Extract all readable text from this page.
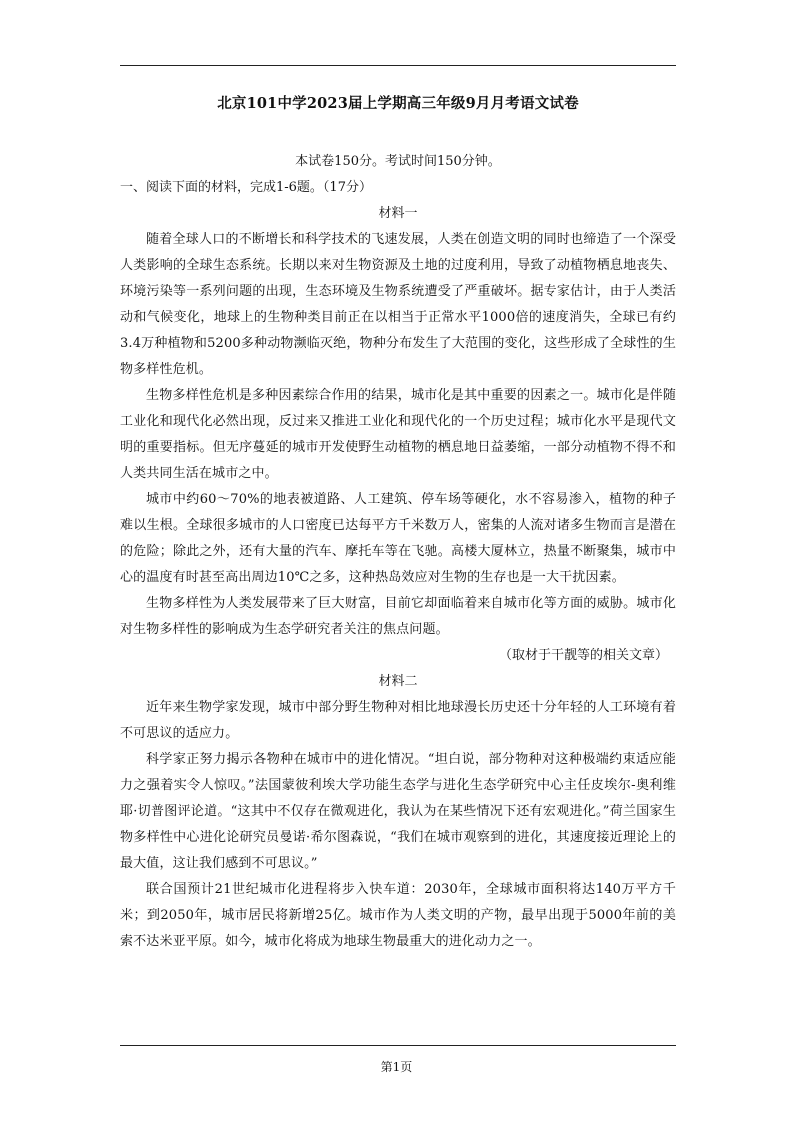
北京101中学2023届上学期高三年级9月月考语文试卷

本试卷150分。考试时间150分钟。

一、阅读下面的材料，完成1-6题。（17分）

材料一

随着全球人口的不断增长和科学技术的飞速发展，人类在创造文明的同时也缔造了一个深受人类影响的全球生态系统。长期以来对生物资源及土地的过度利用，导致了动植物栖息地丧失、环境污染等一系列问题的出现，生态环境及生物系统遭受了严重破坏。据专家估计，由于人类活动和气候变化，地球上的生物种类目前正在以相当于正常水平1000倍的速度消失，全球已有约3.4万种植物和5200多种动物濒临灭绝，物种分布发生了大范围的变化，这些形成了全球性的生物多样性危机。

生物多样性危机是多种因素综合作用的结果，城市化是其中重要的因素之一。城市化是伴随工业化和现代化必然出现，反过来又推进工业化和现代化的一个历史过程；城市化水平是现代文明的重要指标。但无序蔓延的城市开发使野生动植物的栖息地日益萎缩，一部分动植物不得不和人类共同生活在城市之中。

城市中约60～70%的地表被道路、人工建筑、停车场等硬化，水不容易渗入，植物的种子难以生根。全球很多城市的人口密度已达每平方千米数万人，密集的人流对诸多生物而言是潜在的危险；除此之外，还有大量的汽车、摩托车等在飞驰。高楼大厦林立，热量不断聚集，城市中心的温度有时甚至高出周边10℃之多，这种热岛效应对生物的生存也是一大干扰因素。

生物多样性为人类发展带来了巨大财富，目前它却面临着来自城市化等方面的威胁。城市化对生物多样性的影响成为生态学研究者关注的焦点问题。

（取材于干靓等的相关文章）

材料二

近年来生物学家发现，城市中部分野生物种对相比地球漫长历史还十分年轻的人工环境有着不可思议的适应力。

科学家正努力揭示各物种在城市中的进化情况。“坦白说，部分物种对这种极端约束适应能力之强着实令人惊叹。”法国蒙彼利埃大学功能生态学与进化生态学研究中心主任皮埃尔-奥利维耶·切普图评论道。“这其中不仅存在微观进化，我认为在某些情况下还有宏观进化。”荷兰国家生物多样性中心进化论研究员曼诺·希尔图森说，“我们在城市观察到的进化，其速度接近理论上的最大值，这让我们感到不可思议。”

联合国预计21世纪城市化进程将步入快车道：2030年，全球城市面积将达140万平方千米；到2050年，城市居民将新增25亿。城市作为人类文明的产物，最早出现于5000年前的美索不达米亚平原。如今，城市化将成为地球生物最重大的进化动力之一。

第1页
